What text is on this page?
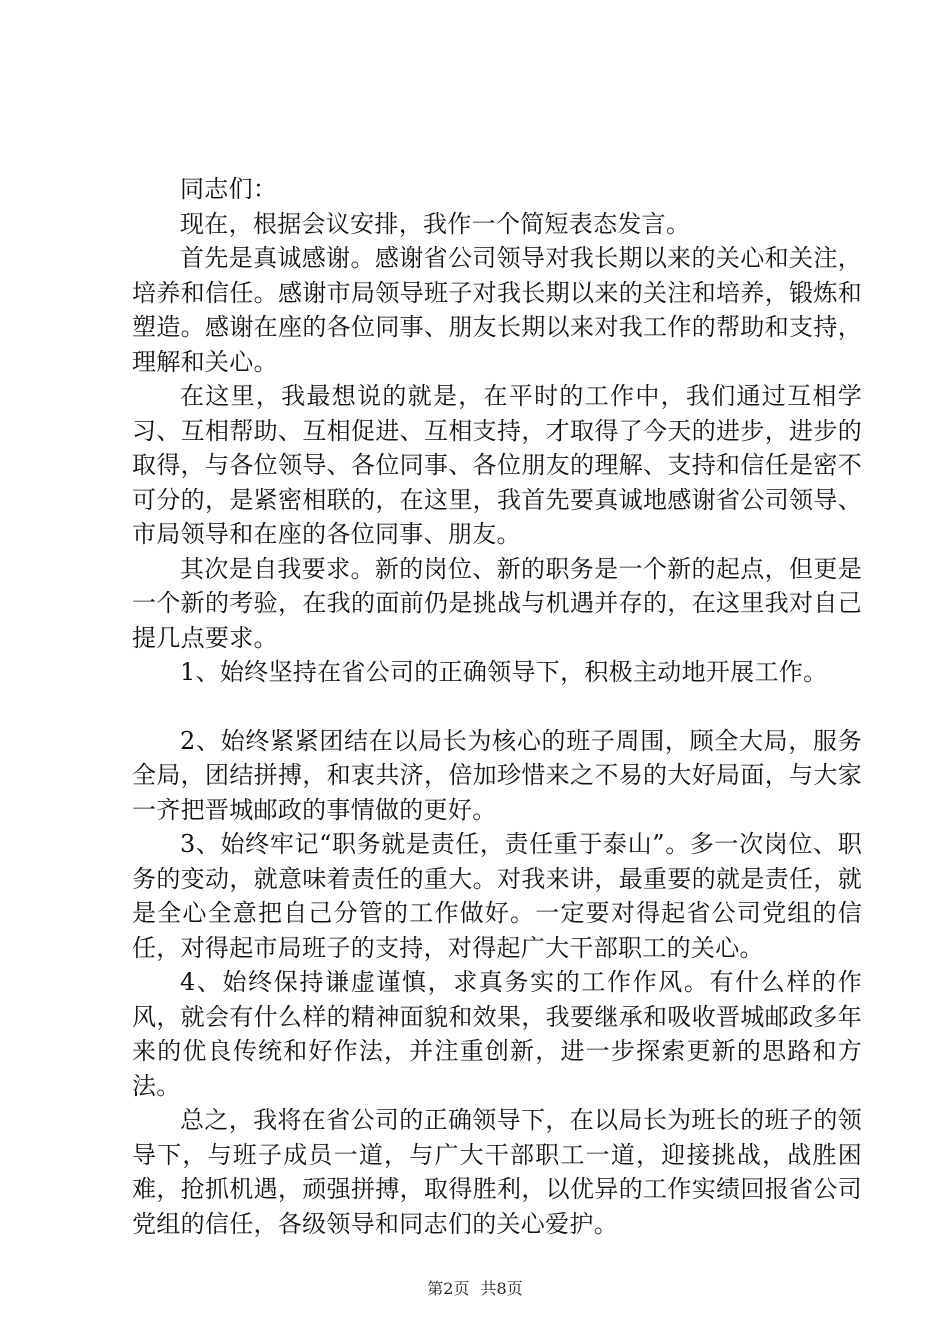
同志们：

现在，根据会议安排，我作一个简短表态发言。

首先是真诚感谢。感谢省公司领导对我长期以来的关心和关注，培养和信任。感谢市局领导班子对我长期以来的关注和培养，锻炼和塑造。感谢在座的各位同事、朋友长期以来对我工作的帮助和支持，理解和关心。

在这里，我最想说的就是，在平时的工作中，我们通过互相学习、互相帮助、互相促进、互相支持，才取得了今天的进步，进步的取得，与各位领导、各位同事、各位朋友的理解、支持和信任是密不可分的，是紧密相联的，在这里，我首先要真诚地感谢省公司领导、市局领导和在座的各位同事、朋友。

其次是自我要求。新的岗位、新的职务是一个新的起点，但更是一个新的考验，在我的面前仍是挑战与机遇并存的，在这里我对自己提几点要求。

1、始终坚持在省公司的正确领导下，积极主动地开展工作。

2、始终紧紧团结在以局长为核心的班子周围，顾全大局，服务全局，团结拼搏，和衷共济，倍加珍惜来之不易的大好局面，与大家一齐把晋城邮政的事情做的更好。

3、始终牢记“职务就是责任，责任重于泰山”。多一次岗位、职务的变动，就意味着责任的重大。对我来讲，最重要的就是责任，就是全心全意把自己分管的工作做好。一定要对得起省公司党组的信任，对得起市局班子的支持，对得起广大干部职工的关心。

4、始终保持谦虚谨慎，求真务实的工作作风。有什么样的作风，就会有什么样的精神面貌和效果，我要继承和吸收晋城邮政多年来的优良传统和好作法，并注重创新，进一步探索更新的思路和方法。

总之，我将在省公司的正确领导下，在以局长为班长的班子的领导下，与班子成员一道，与广大干部职工一道，迎接挑战，战胜困难，抢抓机遇，顽强拼搏，取得胜利，以优异的工作实绩回报省公司党组的信任，各级领导和同志们的关心爱护。

第2页 共8页
